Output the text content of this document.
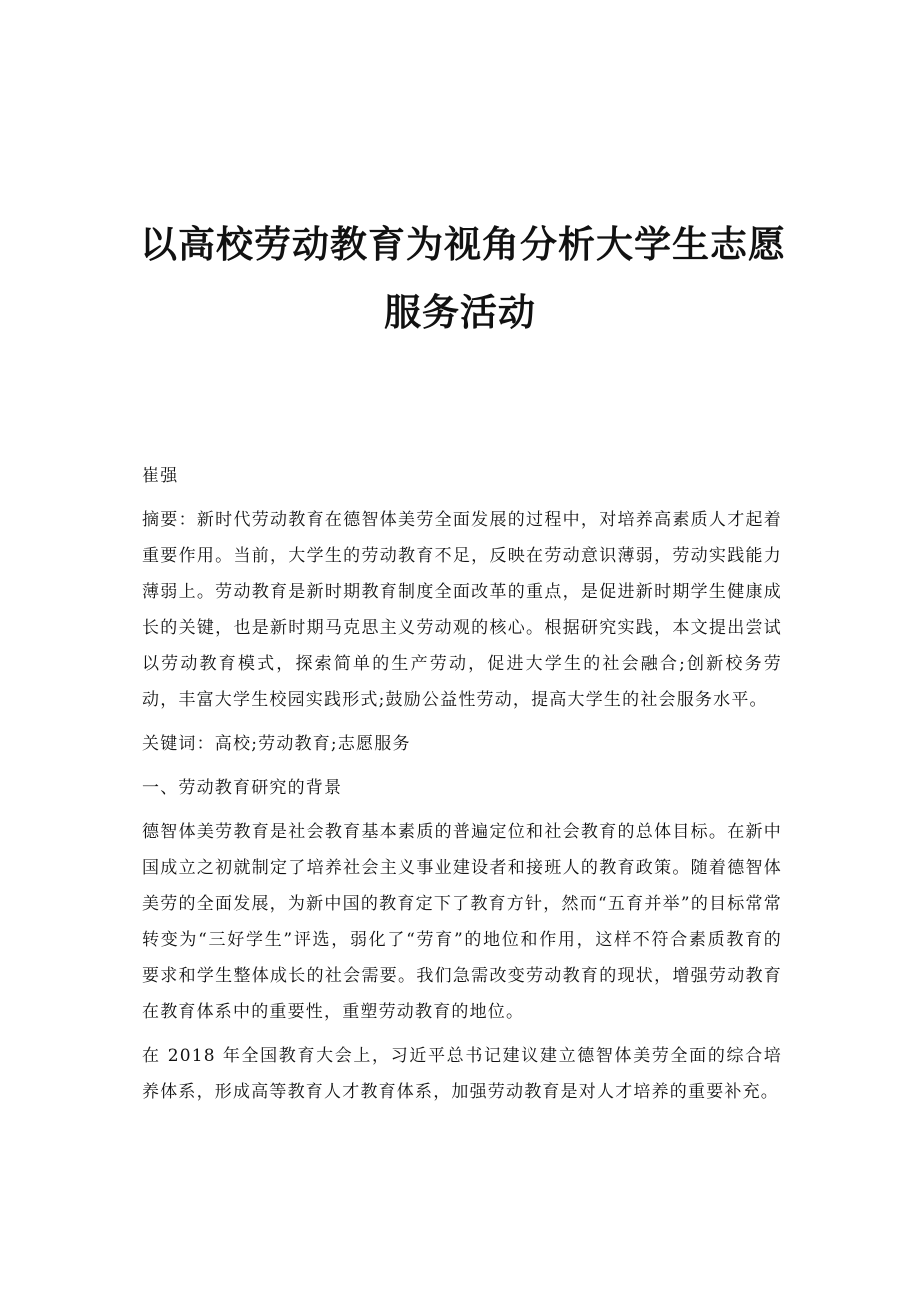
以高校劳动教育为视角分析大学生志愿
服务活动

崔强

摘要：新时代劳动教育在德智体美劳全面发展的过程中，对培养高素质人才起着重要作用。当前，大学生的劳动教育不足，反映在劳动意识薄弱，劳动实践能力薄弱上。劳动教育是新时期教育制度全面改革的重点，是促进新时期学生健康成长的关键，也是新时期马克思主义劳动观的核心。根据研究实践，本文提出尝试以劳动教育模式，探索简单的生产劳动，促进大学生的社会融合;创新校务劳动，丰富大学生校园实践形式;鼓励公益性劳动，提高大学生的社会服务水平。

关键词：高校;劳动教育;志愿服务

一、劳动教育研究的背景

德智体美劳教育是社会教育基本素质的普遍定位和社会教育的总体目标。在新中国成立之初就制定了培养社会主义事业建设者和接班人的教育政策。随着德智体美劳的全面发展，为新中国的教育定下了教育方针，然而“五育并举”的目标常常转变为“三好学生”评选，弱化了“劳育”的地位和作用，这样不符合素质教育的要求和学生整体成长的社会需要。我们急需改变劳动教育的现状，增强劳动教育在教育体系中的重要性，重塑劳动教育的地位。

在 2018 年全国教育大会上，习近平总书记建议建立德智体美劳全面的综合培养体系，形成高等教育人才教育体系，加强劳动教育是对人才培养的重要补充。
